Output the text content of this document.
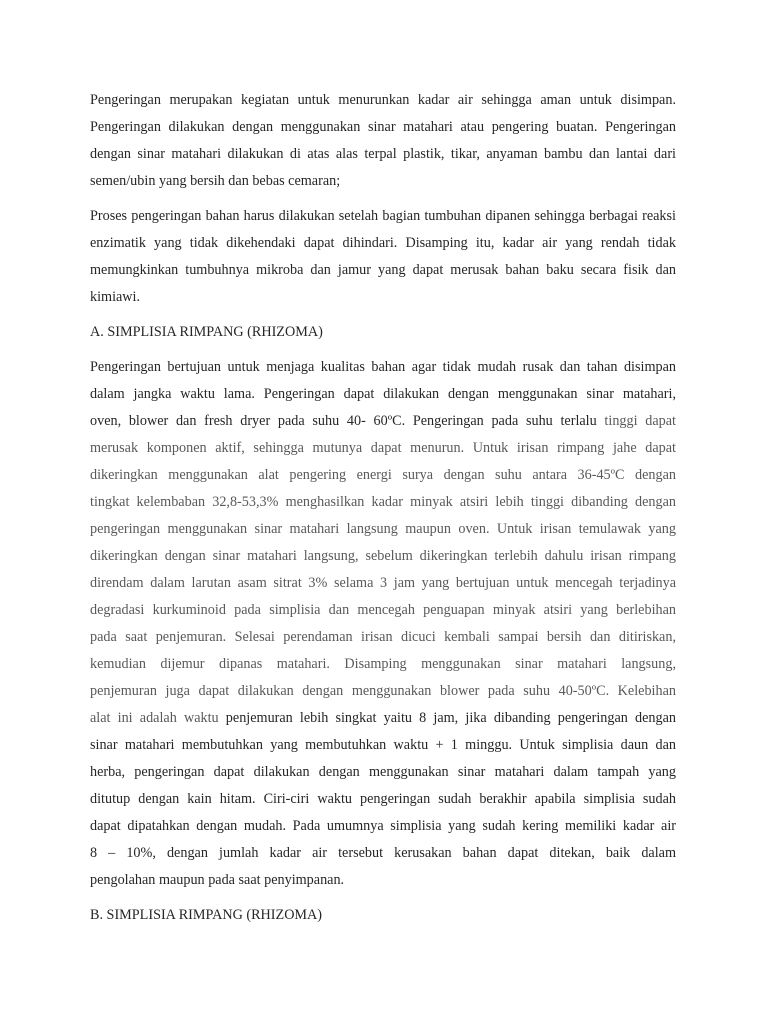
Pengeringan merupakan kegiatan untuk menurunkan kadar air sehingga aman untuk disimpan. Pengeringan dilakukan dengan menggunakan sinar matahari atau pengering buatan. Pengeringan dengan sinar matahari dilakukan di atas alas terpal plastik, tikar, anyaman bambu dan lantai dari semen/ubin yang bersih dan bebas cemaran;

Proses pengeringan bahan harus dilakukan setelah bagian tumbuhan dipanen sehingga berbagai reaksi enzimatik yang tidak dikehendaki dapat dihindari. Disamping itu, kadar air yang rendah tidak memungkinkan tumbuhnya mikroba dan jamur yang dapat merusak bahan baku secara fisik dan kimiawi.

A. SIMPLISIA RIMPANG (RHIZOMA)

Pengeringan bertujuan untuk menjaga kualitas bahan agar tidak mudah rusak dan tahan disimpan
dalam jangka waktu lama. Pengeringan dapat dilakukan dengan menggunakan sinar matahari,
oven, blower dan fresh dryer pada suhu 40- 60ºC. Pengeringan pada suhu terlalu tinggi dapat
merusak komponen aktif, sehingga mutunya dapat menurun. Untuk irisan rimpang jahe dapat
dikeringkan menggunakan alat pengering energi surya dengan suhu antara 36-45ºC dengan
tingkat kelembaban 32,8-53,3% menghasilkan kadar minyak atsiri lebih tinggi dibanding dengan
pengeringan menggunakan sinar matahari langsung maupun oven. Untuk irisan temulawak yang
dikeringkan dengan sinar matahari langsung, sebelum dikeringkan terlebih dahulu irisan rimpang
direndam dalam larutan asam sitrat 3% selama 3 jam yang bertujuan untuk mencegah terjadinya
degradasi kurkuminoid pada simplisia dan mencegah penguapan minyak atsiri yang berlebihan
pada saat penjemuran. Selesai perendaman irisan dicuci kembali sampai bersih dan ditiriskan,
kemudian dijemur dipanas matahari. Disamping menggunakan sinar matahari langsung,
penjemuran juga dapat dilakukan dengan menggunakan blower pada suhu 40-50ºC. Kelebihan
alat ini adalah waktu penjemuran lebih singkat yaitu 8 jam, jika dibanding pengeringan dengan
sinar matahari membutuhkan yang membutuhkan waktu + 1 minggu. Untuk simplisia daun dan
herba, pengeringan dapat dilakukan dengan menggunakan sinar matahari dalam tampah yang
ditutup dengan kain hitam. Ciri-ciri waktu pengeringan sudah berakhir apabila simplisia sudah
dapat dipatahkan dengan mudah. Pada umumnya simplisia yang sudah kering memiliki kadar air
8 – 10%, dengan jumlah kadar air tersebut kerusakan bahan dapat ditekan, baik dalam
pengolahan maupun pada saat penyimpanan.

B. SIMPLISIA RIMPANG (RHIZOMA)
